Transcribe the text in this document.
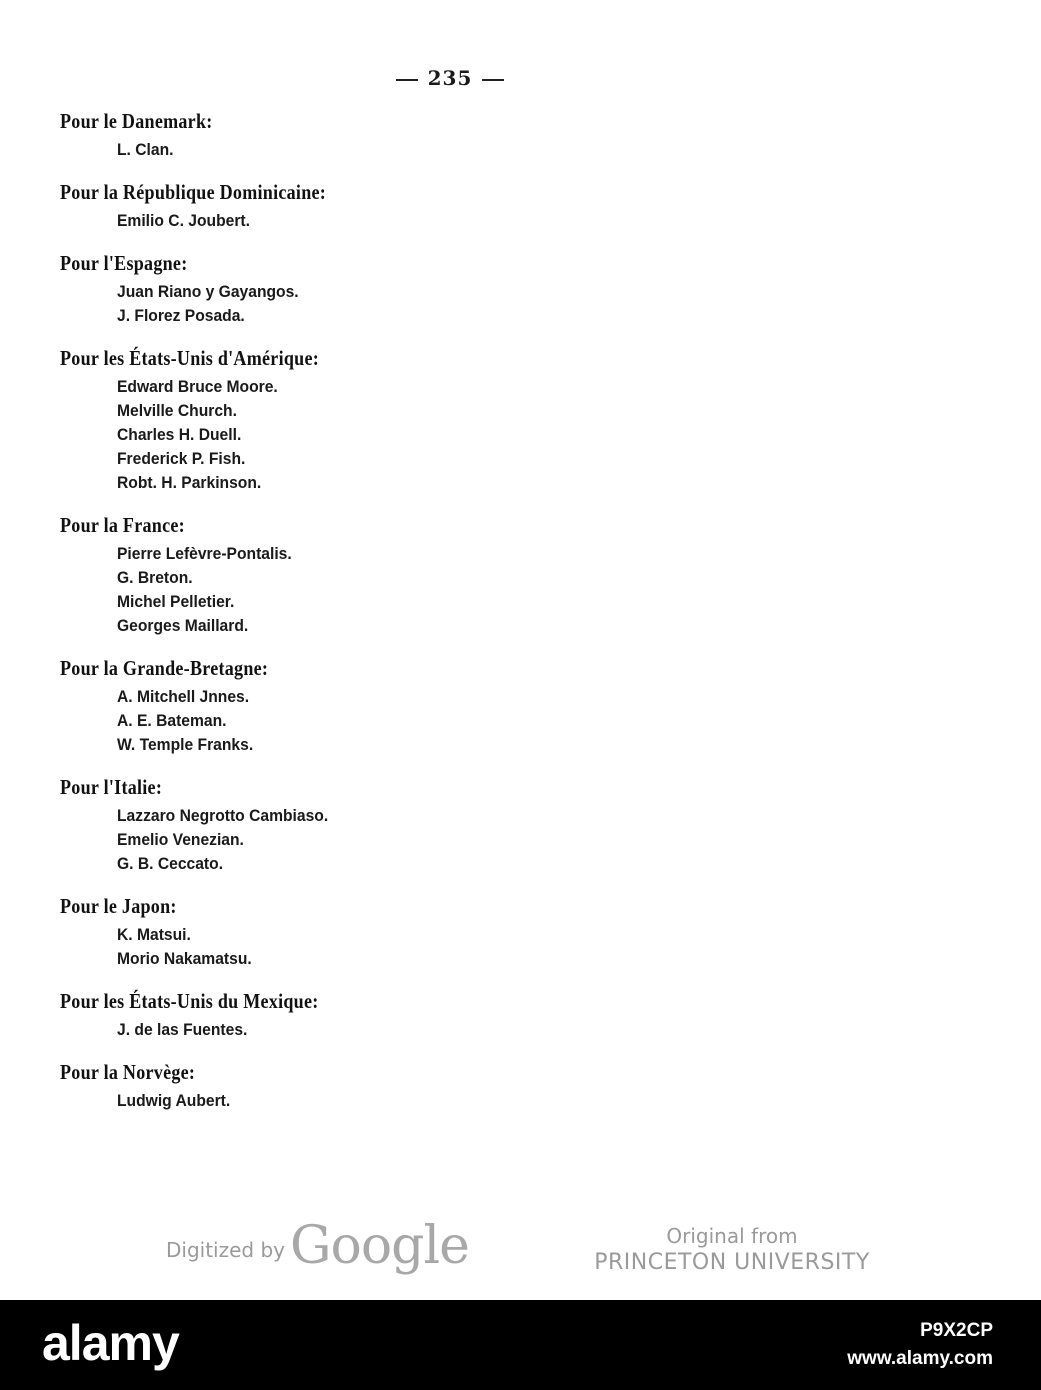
235
Pour le Danemark:
L. Clan.
Pour la République Dominicaine:
Emilio C. Joubert.
Pour l'Espagne:
Juan Riano y Gayangos.
J. Florez Posada.
Pour les États-Unis d'Amérique:
Edward Bruce Moore.
Melville Church.
Charles H. Duell.
Frederick P. Fish.
Robt. H. Parkinson.
Pour la France:
Pierre Lefèvre-Pontalis.
G. Breton.
Michel Pelletier.
Georges Maillard.
Pour la Grande-Bretagne:
A. Mitchell Jnnes.
A. E. Bateman.
W. Temple Franks.
Pour l'Italie:
Lazzaro Negrotto Cambiaso.
Emelio Venezian.
G. B. Ceccato.
Pour le Japon:
K. Matsui.
Morio Nakamatsu.
Pour les États-Unis du Mexique:
J. de las Fuentes.
Pour la Norvège:
Ludwig Aubert.
Digitized by Google	Original from
PRINCETON UNIVERSITY
alamy	P9X2CP
www.alamy.com
